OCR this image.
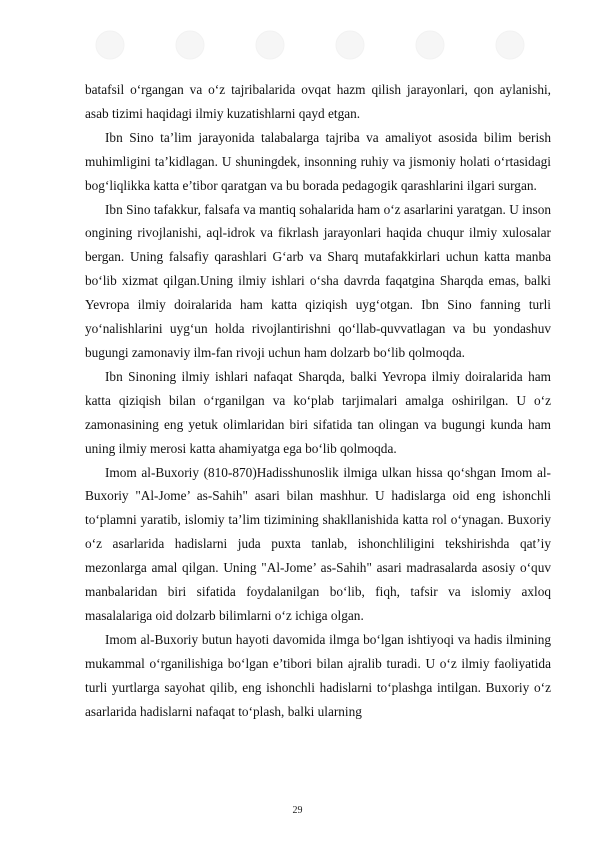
batafsil o‘rgangan va o‘z tajribalarida ovqat hazm qilish jarayonlari, qon aylanishi, asab tizimi haqidagi ilmiy kuzatishlarni qayd etgan.

Ibn Sino ta’lim jarayonida talabalarga tajriba va amaliyot asosida bilim berish muhimligini ta’kidlagan. U shuningdek, insonning ruhiy va jismoniy holati o‘rtasidagi bog‘liqlikka katta e’tibor qaratgan va bu borada pedagogik qarashlarini ilgari surgan.

Ibn Sino tafakkur, falsafa va mantiq sohalarida ham o‘z asarlarini yaratgan. U inson ongining rivojlanishi, aql-idrok va fikrlash jarayonlari haqida chuqur ilmiy xulosalar bergan. Uning falsafiy qarashlari G‘arb va Sharq mutafakkirlari uchun katta manba bo‘lib xizmat qilgan.Uning ilmiy ishlari o‘sha davrda faqatgina Sharqda emas, balki Yevropa ilmiy doiralarida ham katta qiziqish uyg‘otgan. Ibn Sino fanning turli yo‘nalishlarini uyg‘un holda rivojlantirishni qo‘llab-quvvatlagan va bu yondashuv bugungi zamonaviy ilm-fan rivoji uchun ham dolzarb bo‘lib qolmoqda.

Ibn Sinoning ilmiy ishlari nafaqat Sharqda, balki Yevropa ilmiy doiralarida ham katta qiziqish bilan o‘rganilgan va ko‘plab tarjimalari amalga oshirilgan. U o‘z zamonasining eng yetuk olimlaridan biri sifatida tan olingan va bugungi kunda ham uning ilmiy merosi katta ahamiyatga ega bo‘lib qolmoqda.

Imom al-Buxoriy (810-870)Hadisshunoslik ilmiga ulkan hissa qo‘shgan Imom al-Buxoriy "Al-Jome’ as-Sahih" asari bilan mashhur. U hadislarga oid eng ishonchli to‘plamni yaratib, islomiy ta’lim tizimining shakllanishida katta rol o‘ynagan. Buxoriy o‘z asarlarida hadislarni juda puxta tanlab, ishonchliligini tekshirishda qat’iy mezonlarga amal qilgan. Uning "Al-Jome’ as-Sahih" asari madrasalarda asosiy o‘quv manbalaridan biri sifatida foydalanilgan bo‘lib, fiqh, tafsir va islomiy axloq masalalariga oid dolzarb bilimlarni o‘z ichiga olgan.

Imom al-Buxoriy butun hayoti davomida ilmga bo‘lgan ishtiyoqi va hadis ilmining mukammal o‘rganilishiga bo‘lgan e’tibori bilan ajralib turadi. U o‘z ilmiy faoliyatida turli yurtlarga sayohat qilib, eng ishonchli hadislarni to‘plashga intilgan. Buxoriy o‘z asarlarida hadislarni nafaqat to‘plash, balki ularning

29
